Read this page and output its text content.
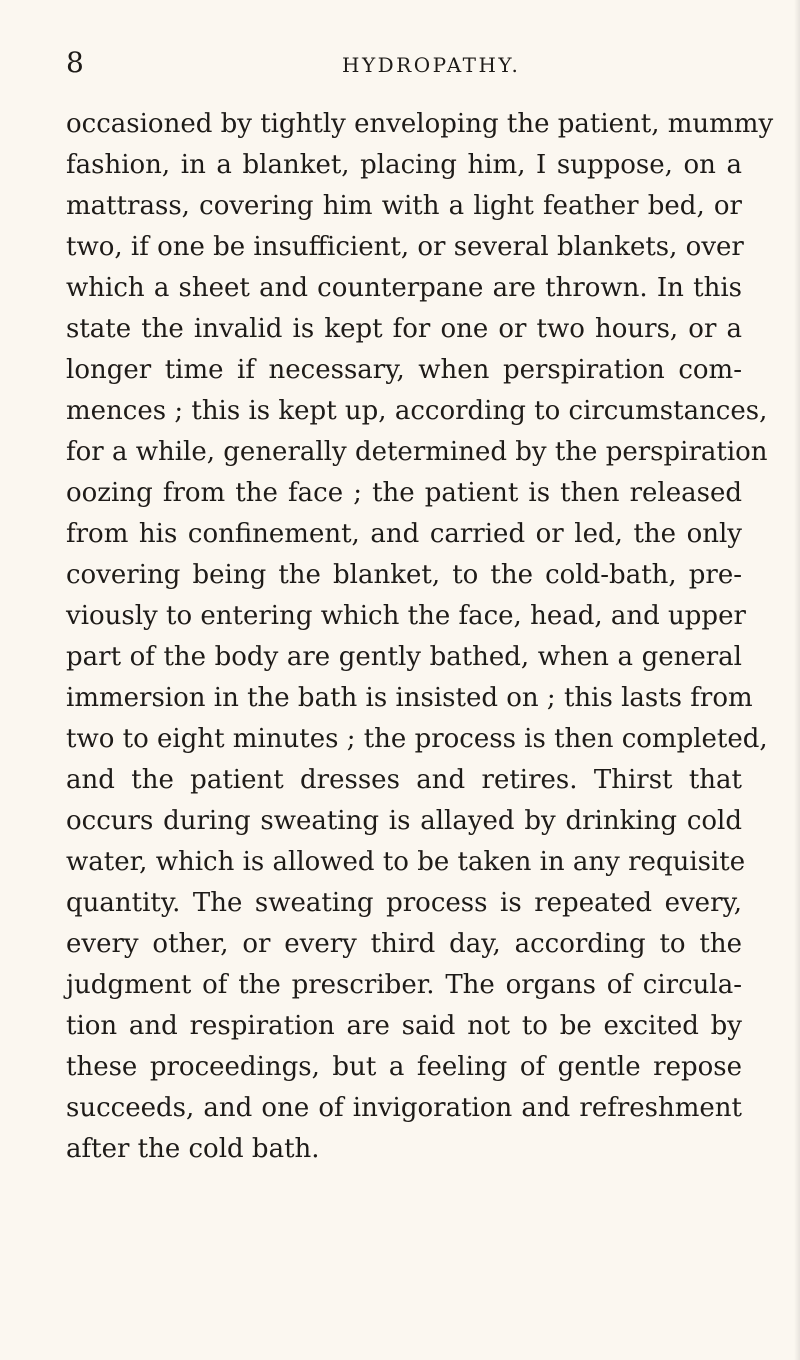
8	HYDROPATHY.
occasioned by tightly enveloping the patient, mummy
fashion, in a blanket, placing him, I suppose, on a
mattrass, covering him with a light feather bed, or
two, if one be insufficient, or several blankets, over
which a sheet and counterpane are thrown. In this
state the invalid is kept for one or two hours, or a
longer time if necessary, when perspiration com-
mences ; this is kept up, according to circumstances,
for a while, generally determined by the perspiration
oozing from the face ; the patient is then released
from his confinement, and carried or led, the only
covering being the blanket, to the cold-bath, pre-
viously to entering which the face, head, and upper
part of the body are gently bathed, when a general
immersion in the bath is insisted on ; this lasts from
two to eight minutes ; the process is then completed,
and the patient dresses and retires. Thirst that
occurs during sweating is allayed by drinking cold
water, which is allowed to be taken in any requisite
quantity. The sweating process is repeated every,
every other, or every third day, according to the
judgment of the prescriber. The organs of circula-
tion and respiration are said not to be excited by
these proceedings, but a feeling of gentle repose
succeeds, and one of invigoration and refreshment
after the cold bath.
